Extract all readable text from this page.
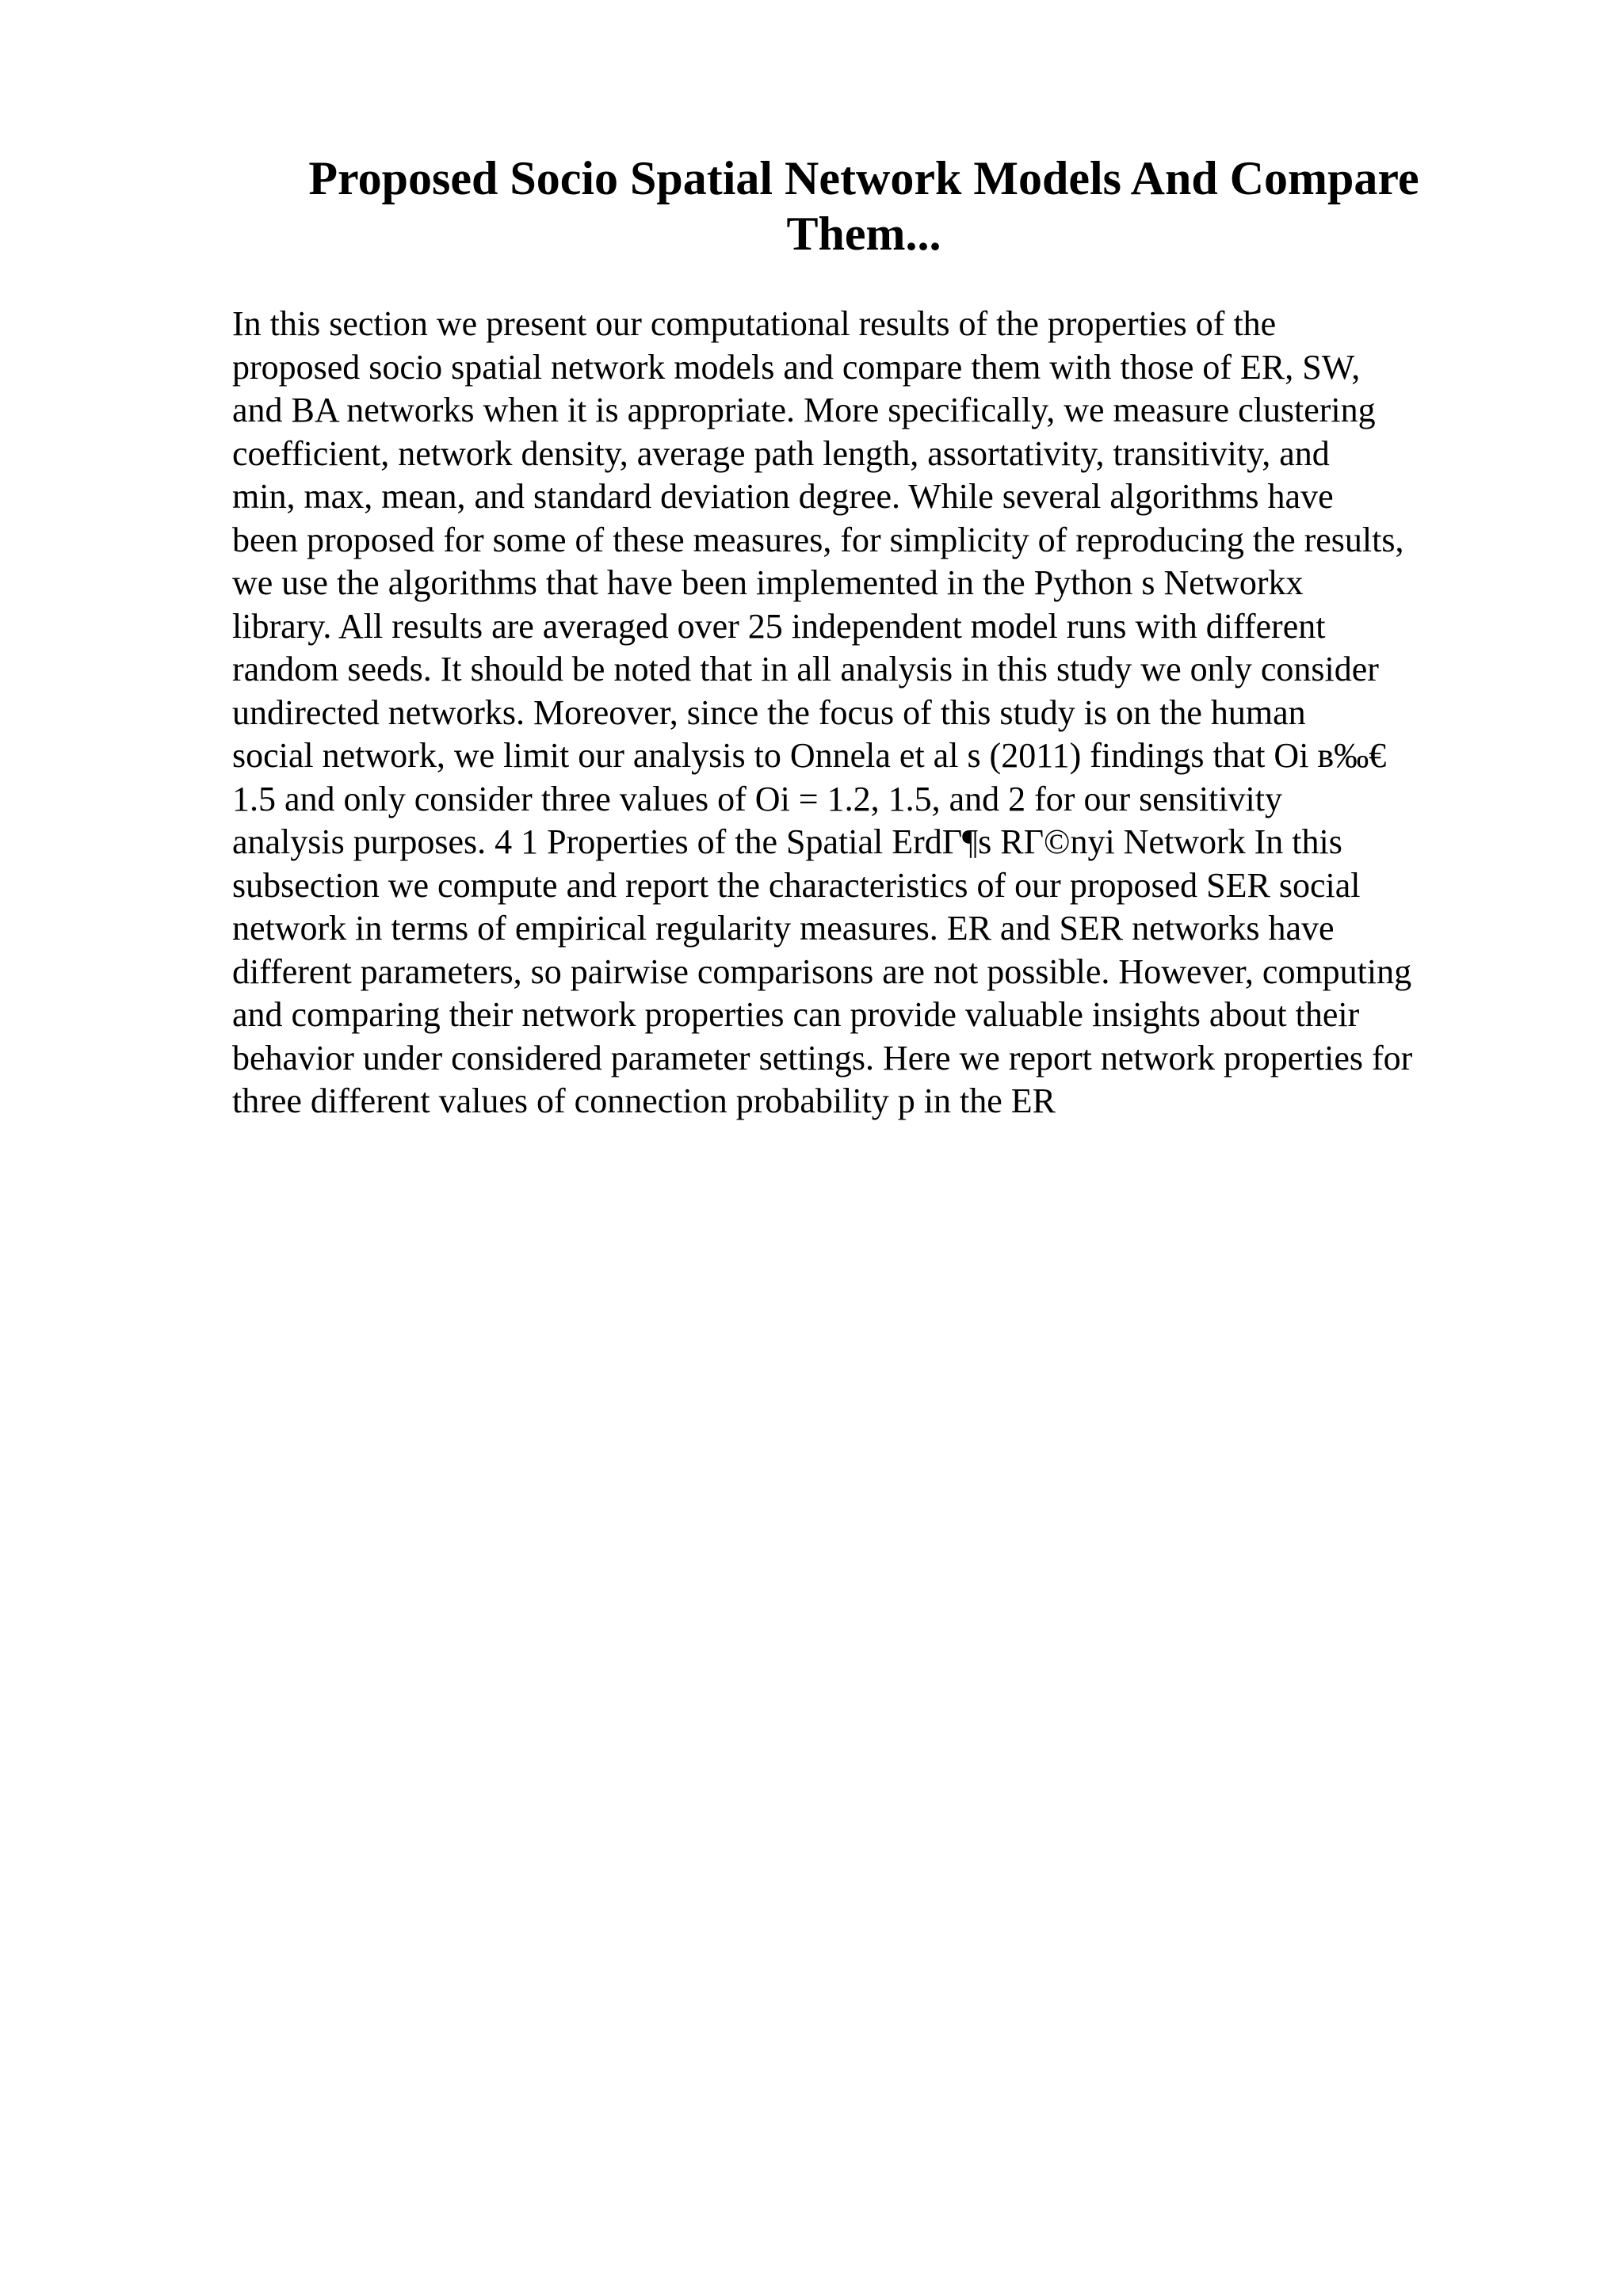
Proposed Socio Spatial Network Models And Compare
Them...
In this section we present our computational results of the properties of the
proposed socio spatial network models and compare them with those of ER, SW,
and BA networks when it is appropriate. More specifically, we measure clustering
coefficient, network density, average path length, assortativity, transitivity, and
min, max, mean, and standard deviation degree. While several algorithms have
been proposed for some of these measures, for simplicity of reproducing the results,
we use the algorithms that have been implemented in the Python s Networkx
library. All results are averaged over 25 independent model runs with different
random seeds. It should be noted that in all analysis in this study we only consider
undirected networks. Moreover, since the focus of this study is on the human
social network, we limit our analysis to Onnela et al s (2011) findings that Оі в‰€
1.5 and only consider three values of Оі = 1.2, 1.5, and 2 for our sensitivity
analysis purposes. 4 1 Properties of the Spatial ErdГ¶s RГ©nyi Network In this
subsection we compute and report the characteristics of our proposed SER social
network in terms of empirical regularity measures. ER and SER networks have
different parameters, so pairwise comparisons are not possible. However, computing
and comparing their network properties can provide valuable insights about their
behavior under considered parameter settings. Here we report network properties for
three different values of connection probability p in the ER
